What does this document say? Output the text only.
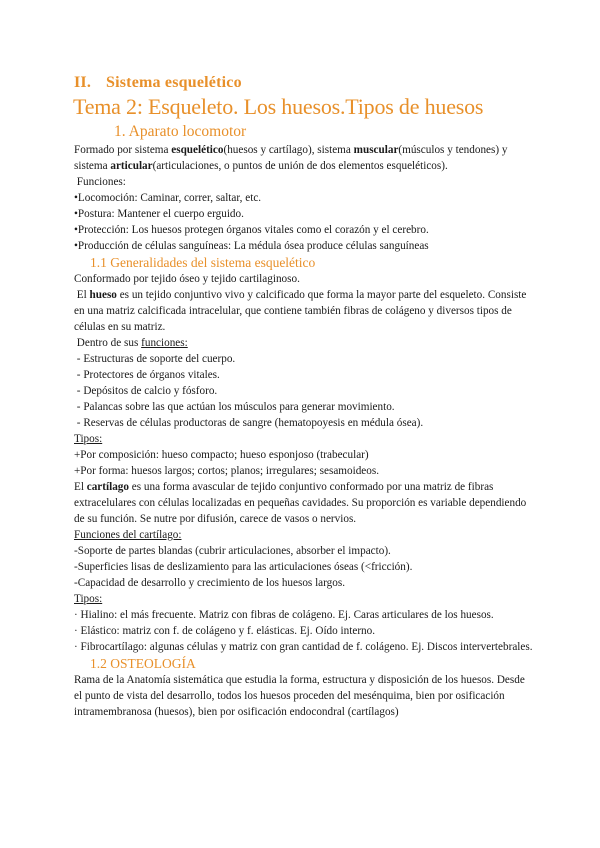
II. Sistema esquelético
Tema 2: Esqueleto. Los huesos.Tipos de huesos
1. Aparato locomotor

Formado por sistema esquelético(huesos y cartílago), sistema muscular(músculos y tendones) y sistema articular(articulaciones, o puntos de unión de dos elementos esqueléticos).

Funciones:

•Locomoción: Caminar, correr, saltar, etc.

•Postura: Mantener el cuerpo erguido.

•Protección: Los huesos protegen órganos vitales como el corazón y el cerebro.

•Producción de células sanguíneas: La médula ósea produce células sanguíneas

1.1 Generalidades del sistema esquelético

Conformado por tejido óseo y tejido cartilaginoso.

El hueso es un tejido conjuntivo vivo y calcificado que forma la mayor parte del esqueleto. Consiste en una matriz calcificada intracelular, que contiene también fibras de colágeno y diversos tipos de células en su matriz.

Dentro de sus funciones:

- Estructuras de soporte del cuerpo.

- Protectores de órganos vitales.

- Depósitos de calcio y fósforo.

- Palancas sobre las que actúan los músculos para generar movimiento.

- Reservas de células productoras de sangre (hematopoyesis en médula ósea).

Tipos:

+Por composición: hueso compacto; hueso esponjoso (trabecular)

+Por forma: huesos largos; cortos; planos; irregulares; sesamoideos.

El cartílago es una forma avascular de tejido conjuntivo conformado por una matriz de fibras extracelulares con células localizadas en pequeñas cavidades. Su proporción es variable dependiendo de su función. Se nutre por difusión, carece de vasos o nervios.

Funciones del cartílago:

-Soporte de partes blandas (cubrir articulaciones, absorber el impacto).

-Superficies lisas de deslizamiento para las articulaciones óseas (<fricción).

-Capacidad de desarrollo y crecimiento de los huesos largos.

Tipos:

· Hialino: el más frecuente. Matriz con fibras de colágeno. Ej. Caras articulares de los huesos.

· Elástico: matriz con f. de colágeno y f. elásticas. Ej. Oído interno.

· Fibrocartílago: algunas células y matriz con gran cantidad de f. colágeno. Ej. Discos intervertebrales.

1.2 OSTEOLOGÍA

Rama de la Anatomía sistemática que estudia la forma, estructura y disposición de los huesos. Desde el punto de vista del desarrollo, todos los huesos proceden del mesénquima, bien por osificación intramembranosa (huesos), bien por osificación endocondral (cartílagos)
